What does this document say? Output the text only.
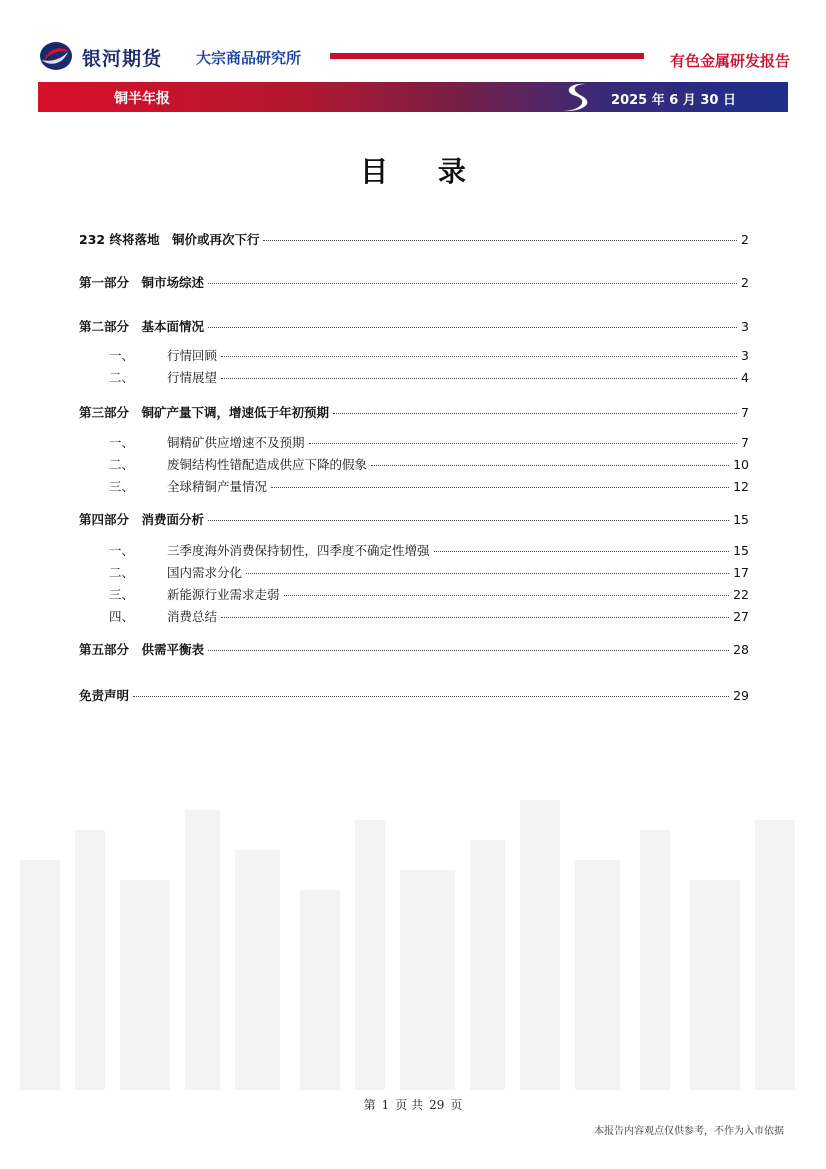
银河期货 大宗商品研究所	有色金属研发报告
铜半年报	2025 年 6 月 30 日
目 录
232 终将落地　铜价或再次下行	2
第一部分　铜市场综述	2
第二部分　基本面情况	3
一、	行情回顾	3
二、	行情展望	4
第三部分　铜矿产量下调，增速低于年初预期	7
一、	铜精矿供应增速不及预期	7
二、	废铜结构性错配造成供应下降的假象	10
三、	全球精铜产量情况	12
第四部分　消费面分析	15
一、	三季度海外消费保持韧性，四季度不确定性增强	15
二、	国内需求分化	17
三、	新能源行业需求走弱	22
四、	消费总结	27
第五部分　供需平衡表	28
免责声明	29
第 1 页 共 29 页
本报告内容观点仅供参考，不作为入市依据
